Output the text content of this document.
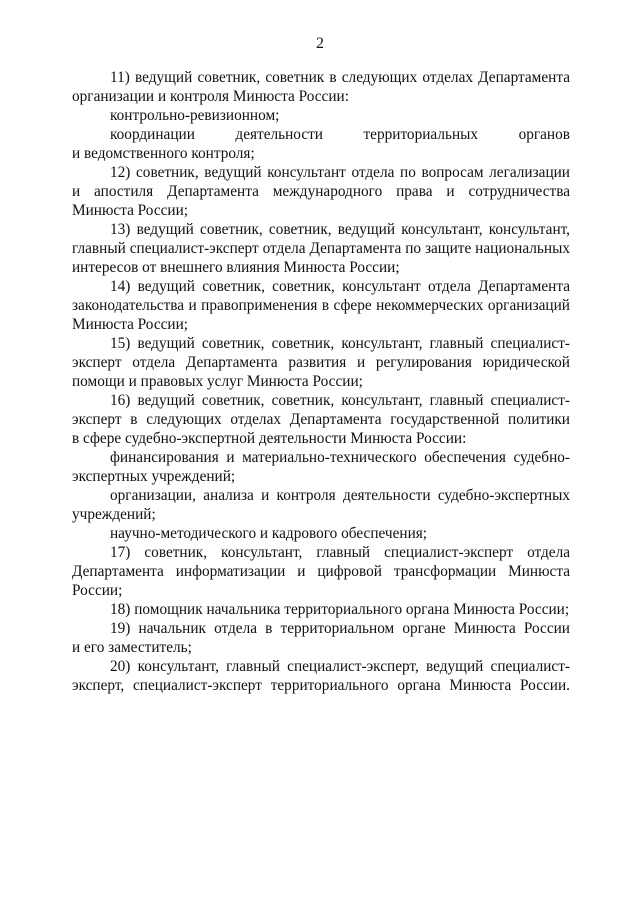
2
11) ведущий советник, советник в следующих отделах Департамента
организации и контроля Минюста России:
контрольно-ревизионном;
координации деятельности территориальных органов
и ведомственного контроля;
12) советник, ведущий консультант отдела по вопросам легализации
и апостиля Департамента международного права и сотрудничества
Минюста России;
13) ведущий советник, советник, ведущий консультант, консультант,
главный специалист-эксперт отдела Департамента по защите национальных
интересов от внешнего влияния Минюста России;
14) ведущий советник, советник, консультант отдела Департамента
законодательства и правоприменения в сфере некоммерческих организаций
Минюста России;
15) ведущий советник, советник, консультант, главный специалист-
эксперт отдела Департамента развития и регулирования юридической
помощи и правовых услуг Минюста России;
16) ведущий советник, советник, консультант, главный специалист-
эксперт в следующих отделах Департамента государственной политики
в сфере судебно-экспертной деятельности Минюста России:
финансирования и материально-технического обеспечения судебно-
экспертных учреждений;
организации, анализа и контроля деятельности судебно-экспертных
учреждений;
научно-методического и кадрового обеспечения;
17) советник, консультант, главный специалист-эксперт отдела
Департамента информатизации и цифровой трансформации Минюста
России;
18) помощник начальника территориального органа Минюста России;
19) начальник отдела в территориальном органе Минюста России
и его заместитель;
20) консультант, главный специалист-эксперт, ведущий специалист-
эксперт, специалист-эксперт территориального органа Минюста России.
